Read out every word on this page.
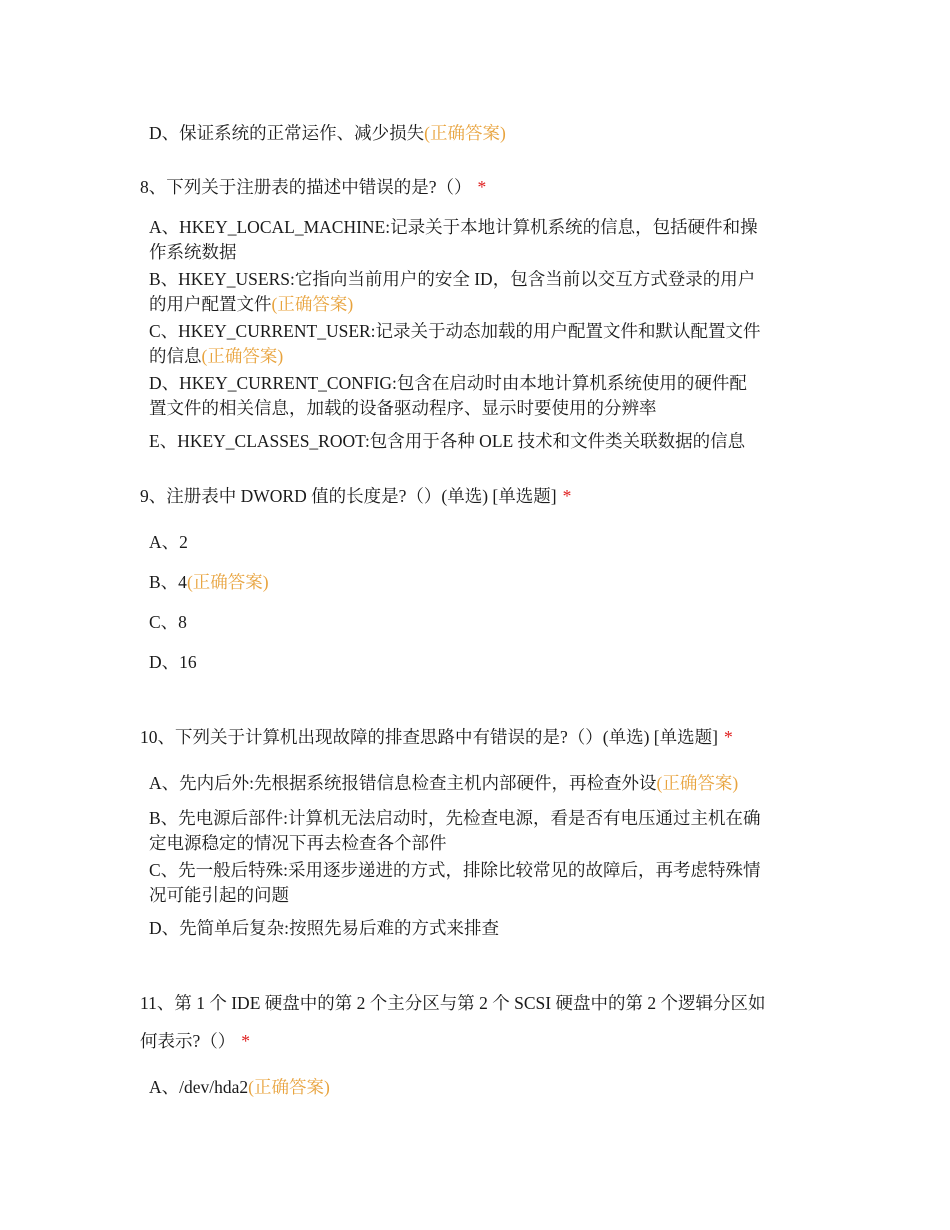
D、保证系统的正常运作、减少损失(正确答案)
8、下列关于注册表的描述中错误的是?（） *
A、HKEY_LOCAL_MACHINE:记录关于本地计算机系统的信息，包括硬件和操
作系统数据
B、HKEY_USERS:它指向当前用户的安全 ID，包含当前以交互方式登录的用户
的用户配置文件(正确答案)
C、HKEY_CURRENT_USER:记录关于动态加载的用户配置文件和默认配置文件
的信息(正确答案)
D、HKEY_CURRENT_CONFIG:包含在启动时由本地计算机系统使用的硬件配
置文件的相关信息，加载的设备驱动程序、显示时要使用的分辨率
E、HKEY_CLASSES_ROOT:包含用于各种 OLE 技术和文件类关联数据的信息
9、注册表中 DWORD 值的长度是?（）(单选) [单选题] *
A、2
B、4(正确答案)
C、8
D、16
10、下列关于计算机出现故障的排查思路中有错误的是?（）(单选) [单选题] *
A、先内后外:先根据系统报错信息检查主机内部硬件，再检查外设(正确答案)
B、先电源后部件:计算机无法启动时，先检查电源，看是否有电压通过主机在确
定电源稳定的情况下再去检查各个部件
C、先一般后特殊:采用逐步递进的方式，排除比较常见的故障后，再考虑特殊情
况可能引起的问题
D、先简单后复杂:按照先易后难的方式来排查
11、第 1 个 IDE 硬盘中的第 2 个主分区与第 2 个 SCSI 硬盘中的第 2 个逻辑分区如
何表示?（） *
A、/dev/hda2(正确答案)
